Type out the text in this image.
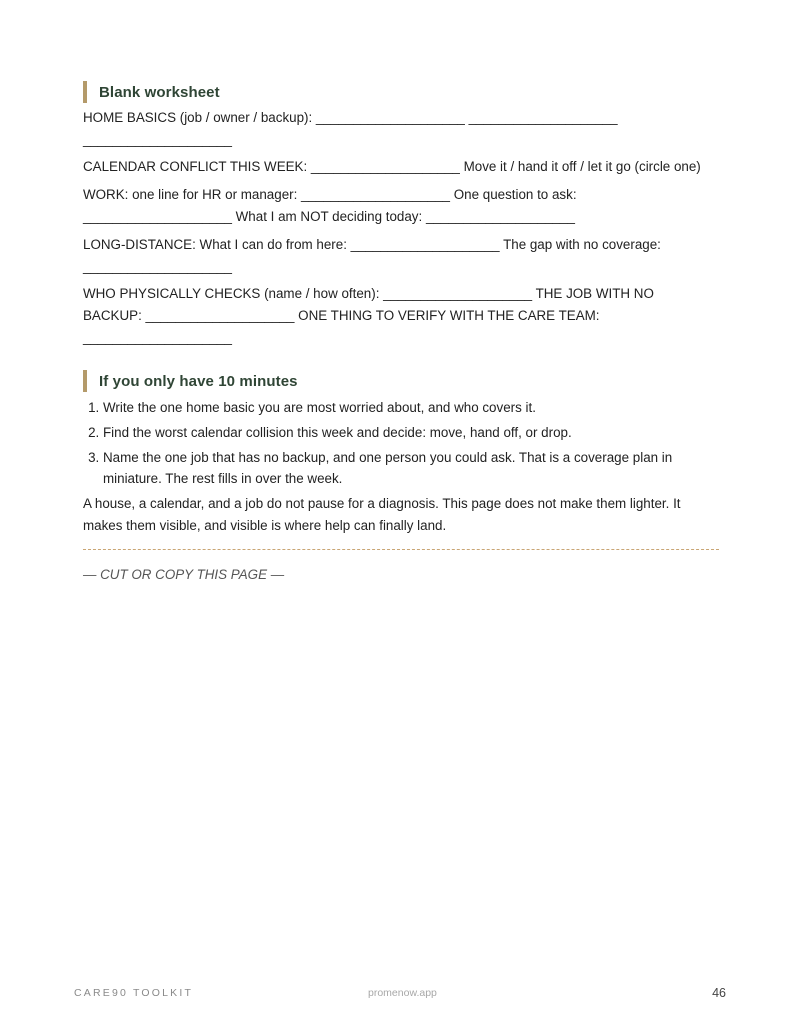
Blank worksheet

HOME BASICS (job / owner / backup): ____________________ ____________________

____________________

CALENDAR CONFLICT THIS WEEK: ____________________ Move it / hand it off / let it go (circle one)

WORK: one line for HR or manager: ____________________ One question to ask:

____________________ What I am NOT deciding today: ____________________

LONG-DISTANCE: What I can do from here: ____________________ The gap with no coverage:

____________________

WHO PHYSICALLY CHECKS (name / how often): ____________________ THE JOB WITH NO

BACKUP: ____________________ ONE THING TO VERIFY WITH THE CARE TEAM:

____________________

If you only have 10 minutes
1. Write the one home basic you are most worried about, and who covers it.
2. Find the worst calendar collision this week and decide: move, hand off, or drop.
3. Name the one job that has no backup, and one person you could ask. That is a coverage plan in miniature. The rest fills in over the week.

A house, a calendar, and a job do not pause for a diagnosis. This page does not make them lighter. It makes them visible, and visible is where help can finally land.

— CUT OR COPY THIS PAGE —

CARE90 TOOLKIT	promenow.app	46
